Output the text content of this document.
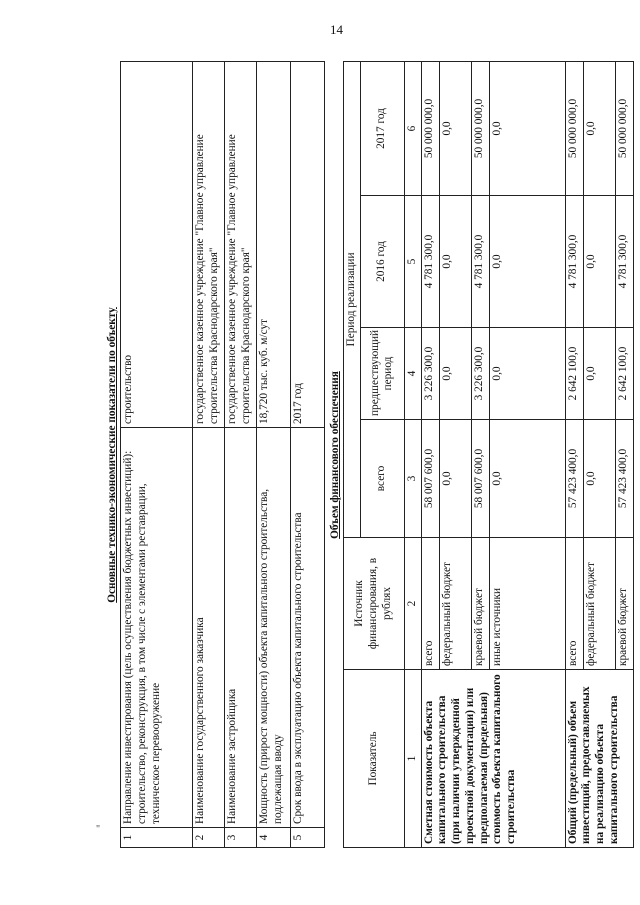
14
"
Основные технико-экономические показатели по объекту
1	Направление инвестирования (цель осуществления бюджетных инвестиций): строительство, реконструкция, в том числе с элементами реставрации, техническое перевооружение	строительство
2	Наименование государственного заказчика	государственное казенное учреждение "Главное управление строительства Краснодарского края"
3	Наименование застройщика	государственное казенное учреждение "Главное управление строительства Краснодарского края"
4	Мощность (прирост мощности) объекта капитального строительства, подлежащая вводу	18,720 тыс. куб. м/сут
5	Срок ввода в эксплуатацию объекта капитального строительства	2017 год Объем финансового обеспечения
Показатель	Источник финансирования, в рублях	Период реализации			
		всего	предшествующий период	2016 год	2017 год
1	2	3	4	5	6
Сметная стоимость объекта капитального строительства (при наличии утвержденной проектной документации) или предполагаемая (предельная) стоимость объекта капитального строительства	всего	58 007 600,0	3 226 300,0	4 781 300,0	50 000 000,0
	федеральный бюджет	0,0	0,0	0,0	0,0
	краевой бюджет	58 007 600,0	3 226 300,0	4 781 300,0	50 000 000,0
	иные источники	0,0	0,0	0,0	0,0
Общий (предельный) объем инвестиций, предоставляемых на реализацию объекта капитального строительства	всего	57 423 400,0	2 642 100,0	4 781 300,0	50 000 000,0
	федеральный бюджет	0,0	0,0	0,0	0,0
	краевой бюджет	57 423 400,0	2 642 100,0	4 781 300,0	50 000 000,0
